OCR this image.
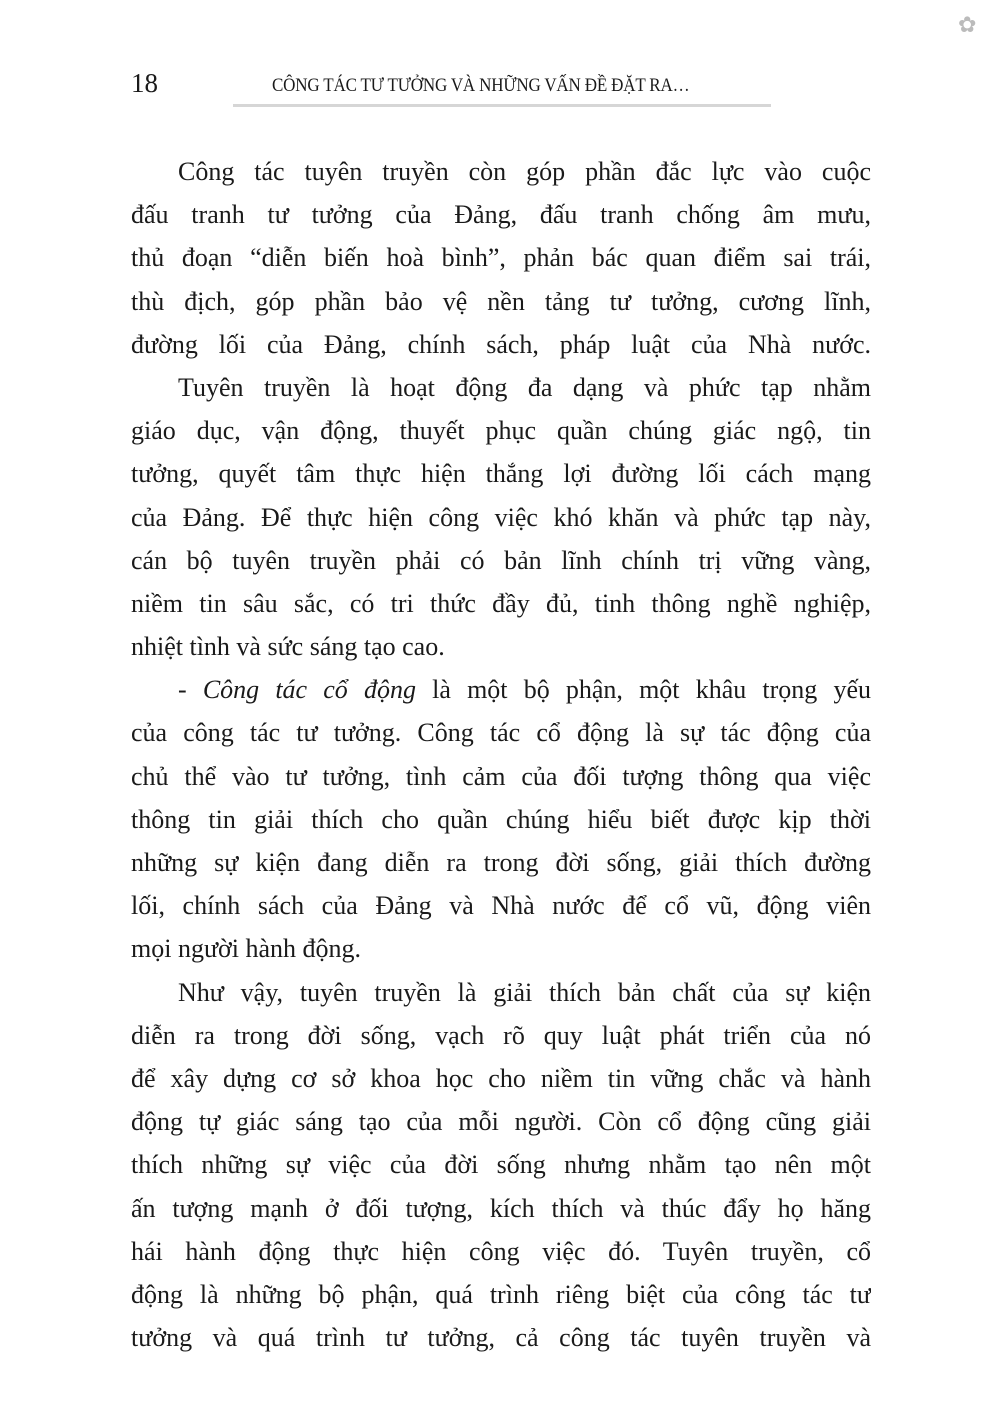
✿
18	CÔNG TÁC TƯ TƯỞNG VÀ NHỮNG VẤN ĐỀ ĐẶT RA…
Công tác tuyên truyền còn góp phần đắc lực vào cuộc
đấu tranh tư tưởng của Đảng, đấu tranh chống âm mưu,
thủ đoạn “diễn biến hoà bình”, phản bác quan điểm sai trái,
thù địch, góp phần bảo vệ nền tảng tư tưởng, cương lĩnh,
đường lối của Đảng, chính sách, pháp luật của Nhà nước.
Tuyên truyền là hoạt động đa dạng và phức tạp nhằm
giáo dục, vận động, thuyết phục quần chúng giác ngộ, tin
tưởng, quyết tâm thực hiện thắng lợi đường lối cách mạng
của Đảng. Để thực hiện công việc khó khăn và phức tạp này,
cán bộ tuyên truyền phải có bản lĩnh chính trị vững vàng,
niềm tin sâu sắc, có tri thức đầy đủ, tinh thông nghề nghiệp,
nhiệt tình và sức sáng tạo cao.
- Công tác cổ động là một bộ phận, một khâu trọng yếu
của công tác tư tưởng. Công tác cổ động là sự tác động của
chủ thể vào tư tưởng, tình cảm của đối tượng thông qua việc
thông tin giải thích cho quần chúng hiểu biết được kịp thời
những sự kiện đang diễn ra trong đời sống, giải thích đường
lối, chính sách của Đảng và Nhà nước để cổ vũ, động viên
mọi người hành động.
Như vậy, tuyên truyền là giải thích bản chất của sự kiện
diễn ra trong đời sống, vạch rõ quy luật phát triển của nó
để xây dựng cơ sở khoa học cho niềm tin vững chắc và hành
động tự giác sáng tạo của mỗi người. Còn cổ động cũng giải
thích những sự việc của đời sống nhưng nhằm tạo nên một
ấn tượng mạnh ở đối tượng, kích thích và thúc đẩy họ hăng
hái hành động thực hiện công việc đó. Tuyên truyền, cổ
động là những bộ phận, quá trình riêng biệt của công tác tư
tưởng và quá trình tư tưởng, cả công tác tuyên truyền và
